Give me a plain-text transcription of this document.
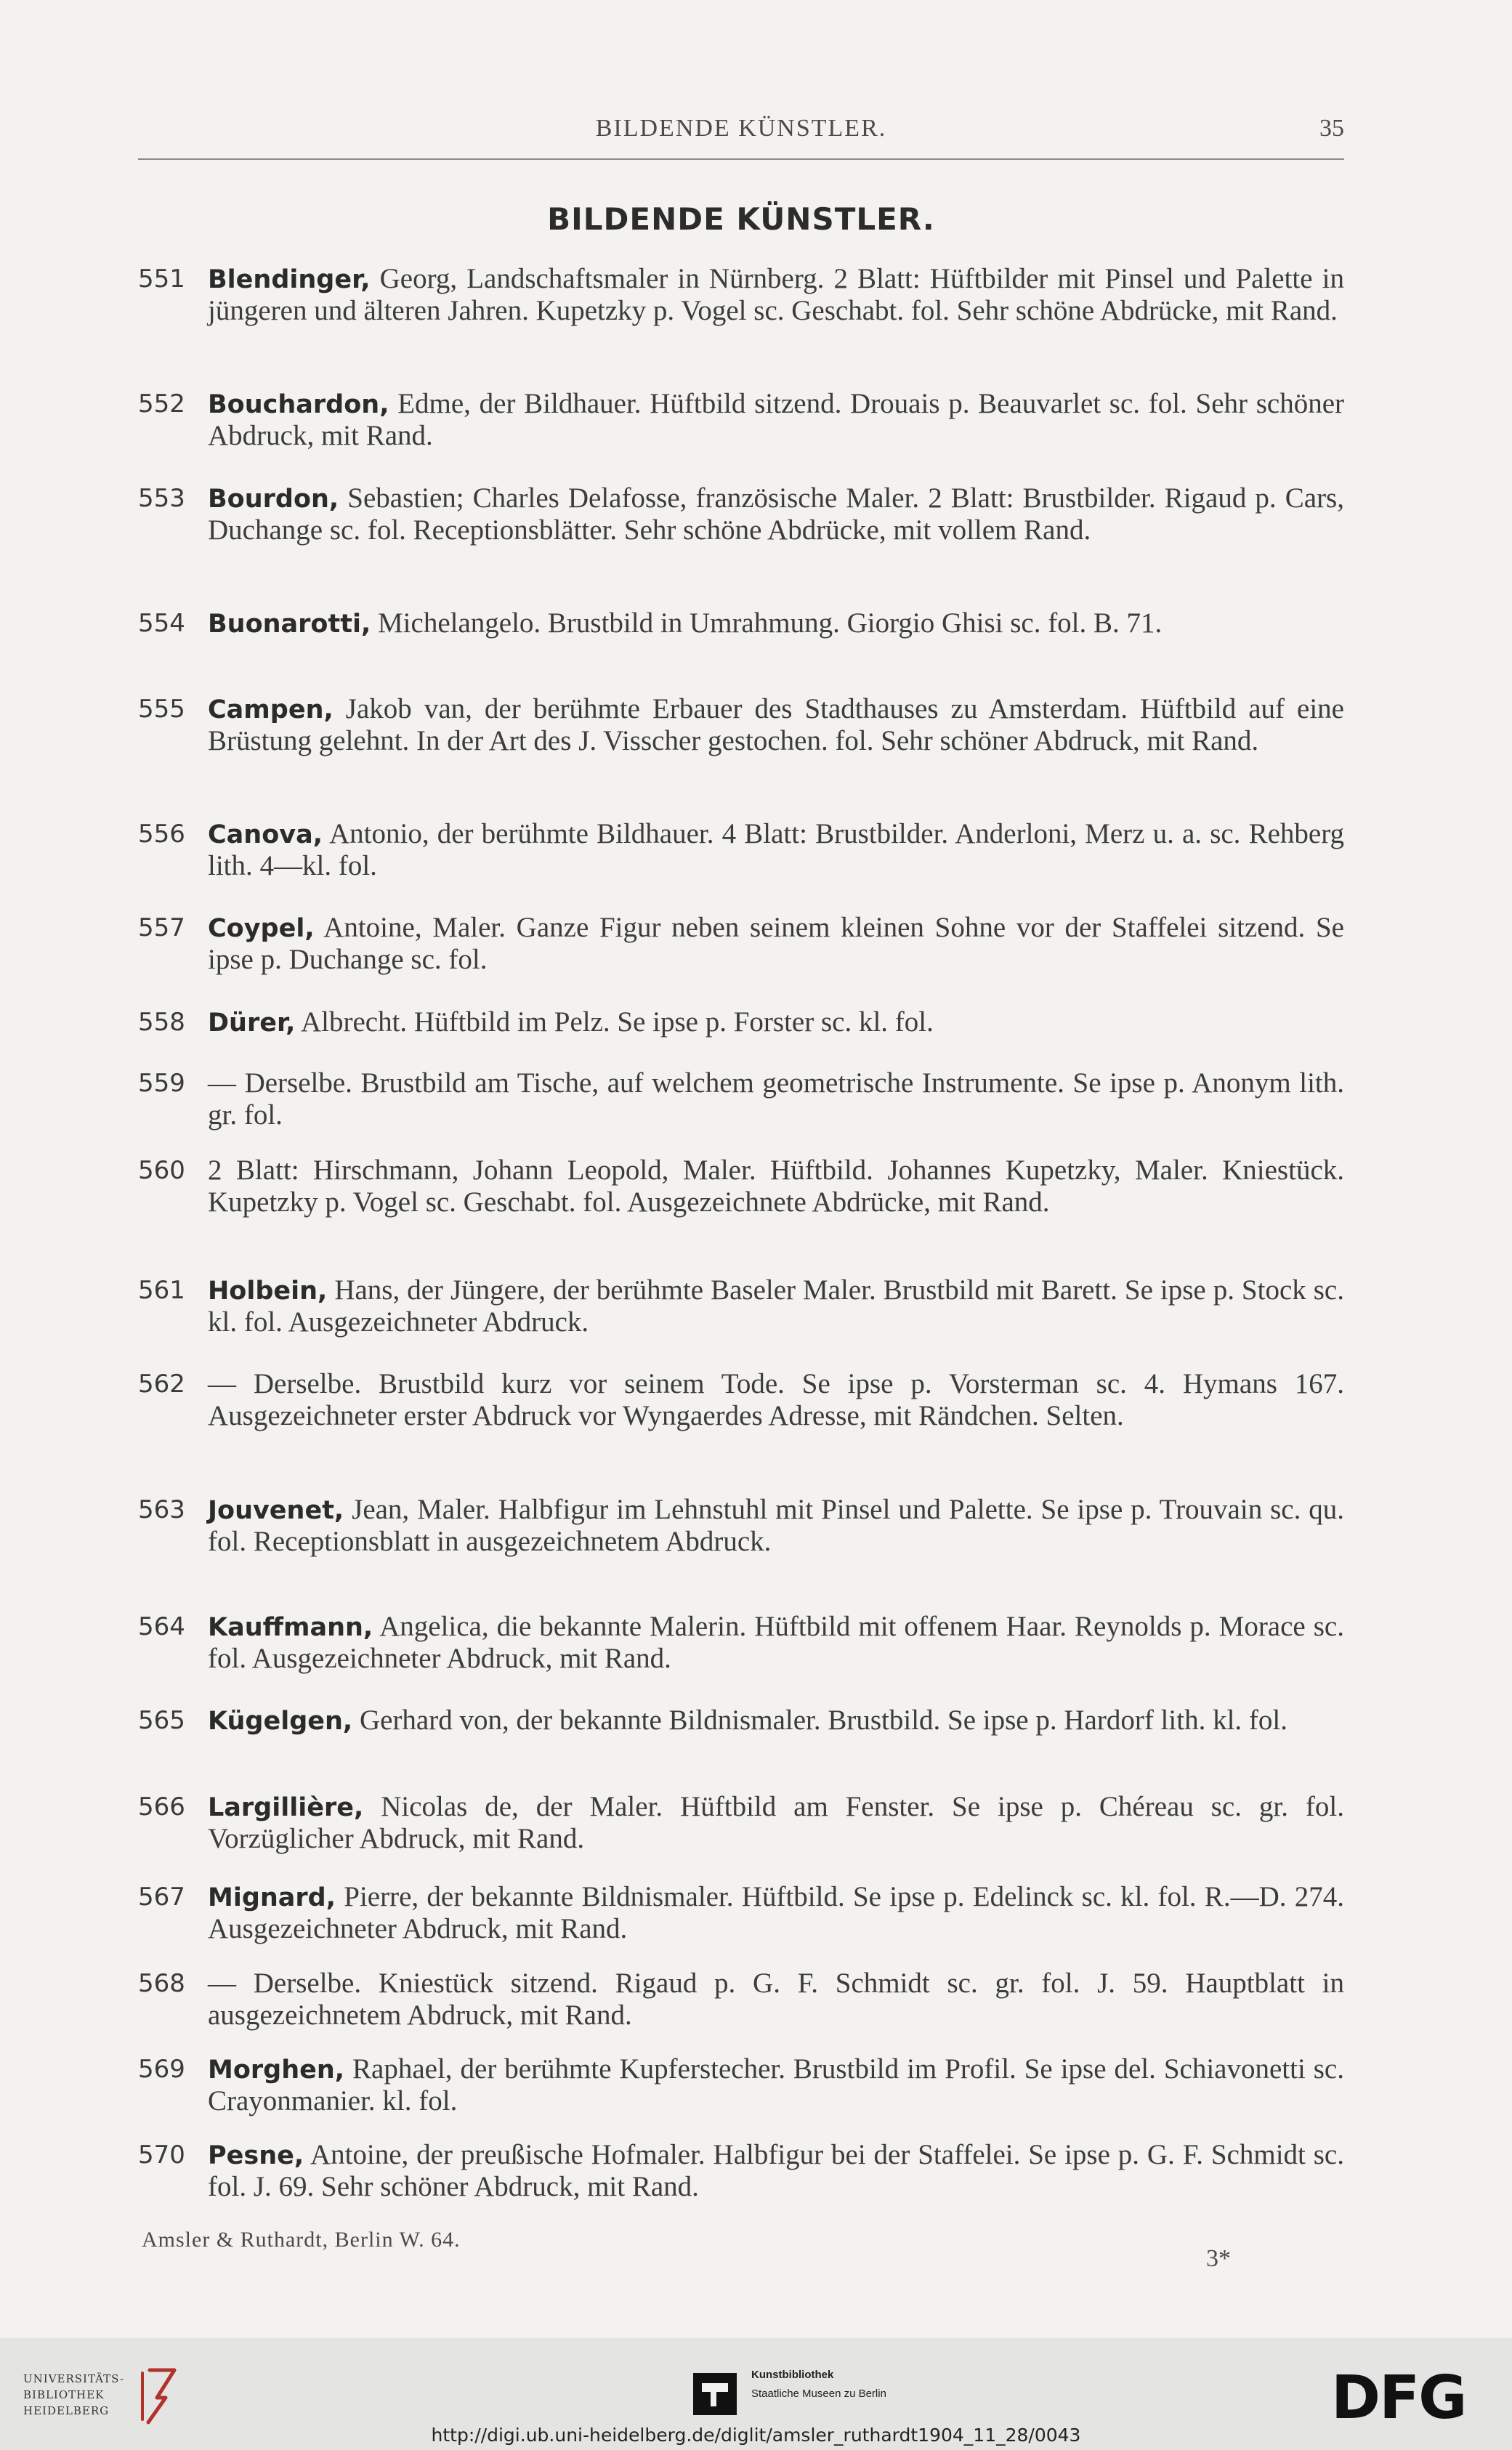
BILDENDE KÜNSTLER.	35
BILDENDE KÜNSTLER.
551 Blendinger, Georg, Landschaftsmaler in Nürnberg. 2 Blatt: Hüftbilder mit Pinsel und Palette in jüngeren und älteren Jahren. Kupetzky p. Vogel sc. Geschabt. fol. Sehr schöne Abdrücke, mit Rand.
552 Bouchardon, Edme, der Bildhauer. Hüftbild sitzend. Drouais p. Beauvarlet sc. fol. Sehr schöner Abdruck, mit Rand.
553 Bourdon, Sebastien; Charles Delafosse, französische Maler. 2 Blatt: Brustbilder. Rigaud p. Cars, Duchange sc. fol. Receptionsblätter. Sehr schöne Abdrücke, mit vollem Rand.
554 Buonarotti, Michelangelo. Brustbild in Umrahmung. Giorgio Ghisi sc. fol. B. 71.
555 Campen, Jakob van, der berühmte Erbauer des Stadthauses zu Amsterdam. Hüftbild auf eine Brüstung gelehnt. In der Art des J. Visscher gestochen. fol. Sehr schöner Abdruck, mit Rand.
556 Canova, Antonio, der berühmte Bildhauer. 4 Blatt: Brustbilder. Anderloni, Merz u. a. sc. Rehberg lith. 4—kl. fol.
557 Coypel, Antoine, Maler. Ganze Figur neben seinem kleinen Sohne vor der Staffelei sitzend. Se ipse p. Duchange sc. fol.
558 Dürer, Albrecht. Hüftbild im Pelz. Se ipse p. Forster sc. kl. fol.
559 — Derselbe. Brustbild am Tische, auf welchem geometrische Instrumente. Se ipse p. Anonym lith. gr. fol.
560 2 Blatt: Hirschmann, Johann Leopold, Maler. Hüftbild. Johannes Kupetzky, Maler. Kniestück. Kupetzky p. Vogel sc. Geschabt. fol. Ausgezeichnete Abdrücke, mit Rand.
561 Holbein, Hans, der Jüngere, der berühmte Baseler Maler. Brustbild mit Barett. Se ipse p. Stock sc. kl. fol. Ausgezeichneter Abdruck.
562 — Derselbe. Brustbild kurz vor seinem Tode. Se ipse p. Vorsterman sc. 4. Hymans 167. Ausgezeichneter erster Abdruck vor Wyngaerdes Adresse, mit Rändchen. Selten.
563 Jouvenet, Jean, Maler. Halbfigur im Lehnstuhl mit Pinsel und Palette. Se ipse p. Trouvain sc. qu. fol. Receptionsblatt in ausgezeichnetem Abdruck.
564 Kauffmann, Angelica, die bekannte Malerin. Hüftbild mit offenem Haar. Reynolds p. Morace sc. fol. Ausgezeichneter Abdruck, mit Rand.
565 Kügelgen, Gerhard von, der bekannte Bildnismaler. Brustbild. Se ipse p. Hardorf lith. kl. fol.
566 Largillière, Nicolas de, der Maler. Hüftbild am Fenster. Se ipse p. Chéreau sc. gr. fol. Vorzüglicher Abdruck, mit Rand.
567 Mignard, Pierre, der bekannte Bildnismaler. Hüftbild. Se ipse p. Edelinck sc. kl. fol. R.—D. 274. Ausgezeichneter Abdruck, mit Rand.
568 — Derselbe. Kniestück sitzend. Rigaud p. G. F. Schmidt sc. gr. fol. J. 59. Hauptblatt in ausgezeichnetem Abdruck, mit Rand.
569 Morghen, Raphael, der berühmte Kupferstecher. Brustbild im Profil. Se ipse del. Schiavonetti sc. Crayonmanier. kl. fol.
570 Pesne, Antoine, der preußische Hofmaler. Halbfigur bei der Staffelei. Se ipse p. G. F. Schmidt sc. fol. J. 69. Sehr schöner Abdruck, mit Rand.
Amsler & Ruthardt, Berlin W. 64.
3*
UNIVERSITÄTS-
BIBLIOTHEK
HEIDELBERG
Kunstbibliothek
Staatliche Museen zu Berlin	DFG
http://digi.ub.uni-heidelberg.de/diglit/amsler_ruthardt1904_11_28/0043
